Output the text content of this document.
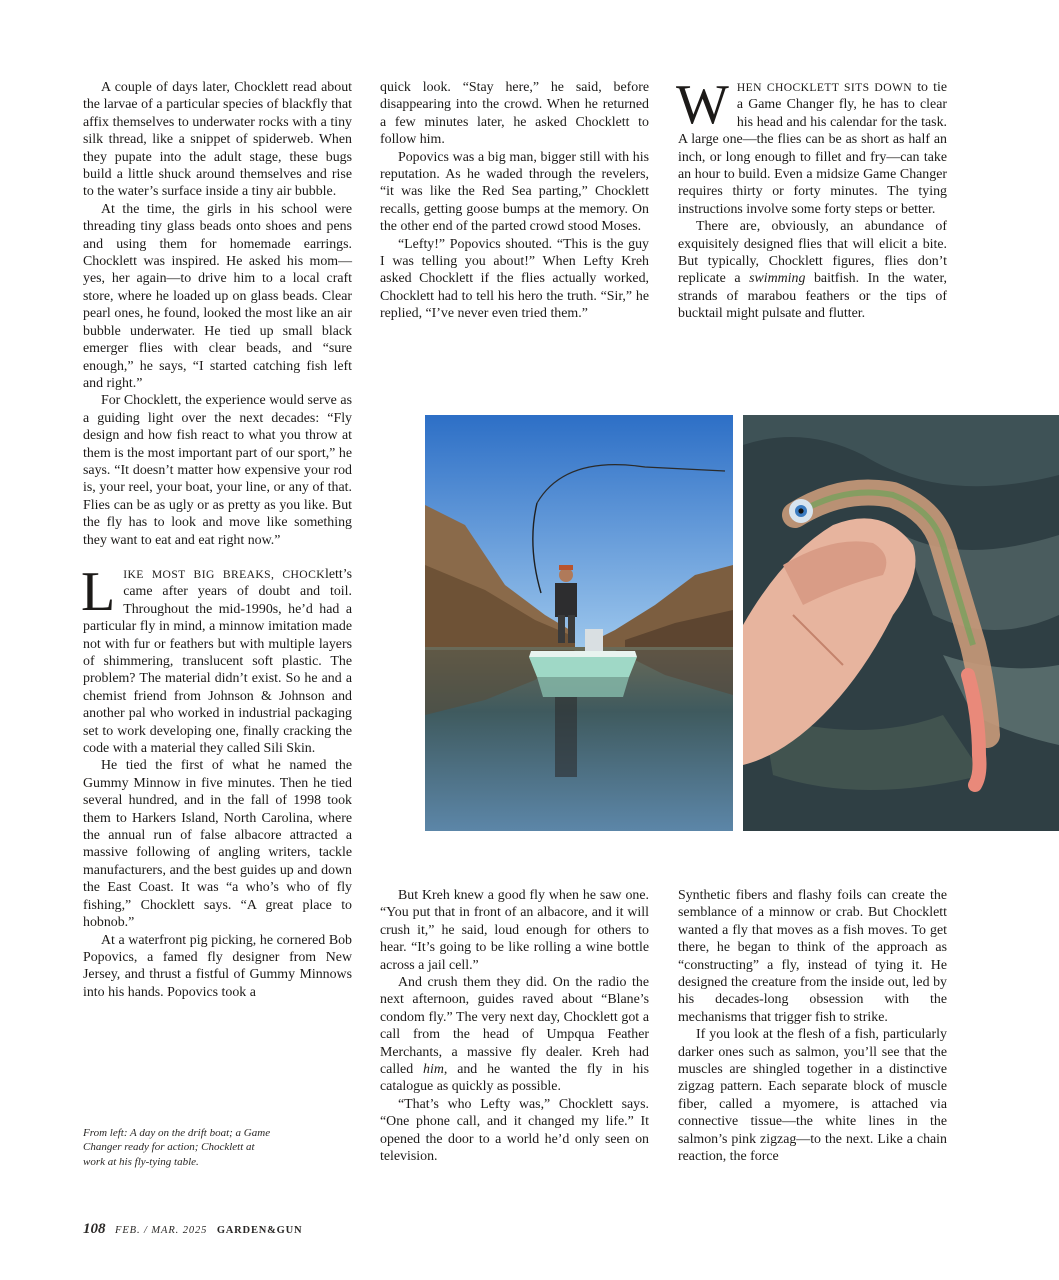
A couple of days later, Chocklett read about the larvae of a particular species of blackfly that affix themselves to underwater rocks with a tiny silk thread, like a snippet of spiderweb. When they pupate into the adult stage, these bugs build a little shuck around themselves and rise to the water’s surface inside a tiny air bubble.

At the time, the girls in his school were threading tiny glass beads onto shoes and pens and using them for homemade earrings. Chocklett was inspired. He asked his mom—yes, her again—to drive him to a local craft store, where he loaded up on glass beads. Clear pearl ones, he found, looked the most like an air bubble underwater. He tied up small black emerger flies with clear beads, and “sure enough,” he says, “I started catching fish left and right.”

For Chocklett, the experience would serve as a guiding light over the next decades: “Fly design and how fish react to what you throw at them is the most important part of our sport,” he says. “It doesn’t matter how expensive your rod is, your reel, your boat, your line, or any of that. Flies can be as ugly or as pretty as you like. But the fly has to look and move like something they want to eat and eat right now.”

LIKE MOST BIG BREAKS, CHOCKlett’s came after years of doubt and toil. Throughout the mid-1990s, he’d had a particular fly in mind, a minnow imitation made not with fur or feathers but with multiple layers of shimmering, translucent soft plastic. The problem? The material didn’t exist. So he and a chemist friend from Johnson & Johnson and another pal who worked in industrial packaging set to work developing one, finally cracking the code with a material they called Sili Skin.

He tied the first of what he named the Gummy Minnow in five minutes. Then he tied several hundred, and in the fall of 1998 took them to Harkers Island, North Carolina, where the annual run of false albacore attracted a massive following of angling writers, tackle manufacturers, and the best guides up and down the East Coast. It was “a who’s who of fly fishing,” Chocklett says. “A great place to hobnob.”

At a waterfront pig picking, he cornered Bob Popovics, a famed fly designer from New Jersey, and thrust a fistful of Gummy Minnows into his hands. Popovics took a

quick look. “Stay here,” he said, before disappearing into the crowd. When he returned a few minutes later, he asked Chocklett to follow him.

Popovics was a big man, bigger still with his reputation. As he waded through the revelers, “it was like the Red Sea parting,” Chocklett recalls, getting goose bumps at the memory. On the other end of the parted crowd stood Moses.

“Lefty!” Popovics shouted. “This is the guy I was telling you about!” When Lefty Kreh asked Chocklett if the flies actually worked, Chocklett had to tell his hero the truth. “Sir,” he replied, “I’ve never even tried them.”

WHEN CHOCKLETT SITS DOWN to tie a Game Changer fly, he has to clear his head and his calendar for the task. A large one—the flies can be as short as half an inch, or long enough to fillet and fry—can take an hour to build. Even a midsize Game Changer requires thirty or forty minutes. The tying instructions involve some forty steps or better.

There are, obviously, an abundance of exquisitely designed flies that will elicit a bite. But typically, Chocklett figures, flies don’t replicate a swimming baitfish. In the water, strands of marabou feathers or the tips of bucktail might pulsate and flutter.

But Kreh knew a good fly when he saw one. “You put that in front of an albacore, and it will crush it,” he said, loud enough for others to hear. “It’s going to be like rolling a wine bottle across a jail cell.”

And crush them they did. On the radio the next afternoon, guides raved about “Blane’s condom fly.” The very next day, Chocklett got a call from the head of Umpqua Feather Merchants, a massive fly dealer. Kreh had called him, and he wanted the fly in his catalogue as quickly as possible.

“That’s who Lefty was,” Chocklett says. “One phone call, and it changed my life.” It opened the door to a world he’d only seen on television.

Synthetic fibers and flashy foils can create the semblance of a minnow or crab. But Chocklett wanted a fly that moves as a fish moves. To get there, he began to think of the approach as “constructing” a fly, instead of tying it. He designed the creature from the inside out, led by his decades-long obsession with the mechanisms that trigger fish to strike.

If you look at the flesh of a fish, particularly darker ones such as salmon, you’ll see that the muscles are shingled together in a distinctive zigzag pattern. Each separate block of muscle fiber, called a myomere, is attached via connective tissue—the white lines in the salmon’s pink zigzag—to the next. Like a chain reaction, the force

From left: A day on the drift boat; a Game Changer ready for action; Chocklett at work at his fly-tying table.
108 FEB. / MAR. 2025 GARDEN&GUN
